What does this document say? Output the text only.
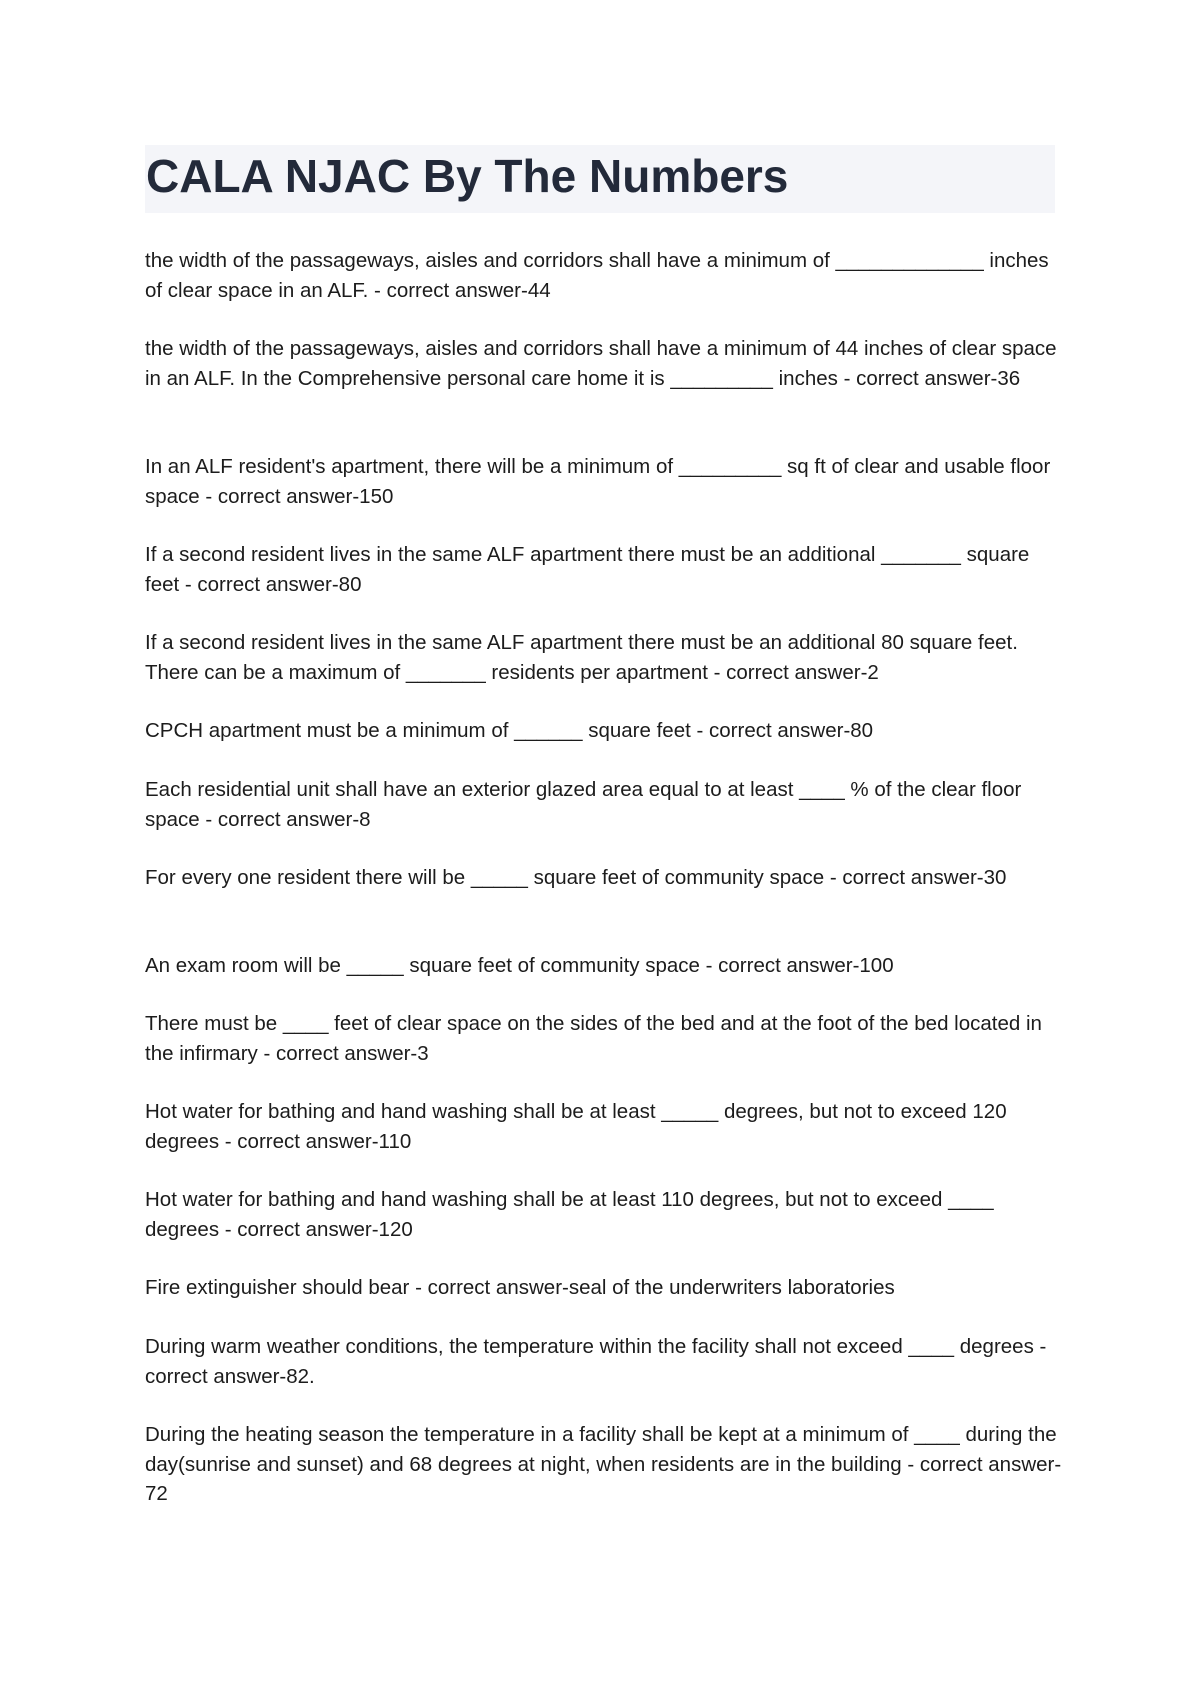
CALA NJAC By The Numbers

the width of the passageways, aisles and corridors shall have a minimum of _____________ inches of clear space in an ALF. - correct answer-44

the width of the passageways, aisles and corridors shall have a minimum of 44 inches of clear space in an ALF. In the Comprehensive personal care home it is _________ inches - correct answer-36

In an ALF resident's apartment, there will be a minimum of _________ sq ft of clear and usable floor space - correct answer-150

If a second resident lives in the same ALF apartment there must be an additional _______ square feet - correct answer-80

If a second resident lives in the same ALF apartment there must be an additional 80 square feet. There can be a maximum of _______ residents per apartment - correct answer-2

CPCH apartment must be a minimum of ______ square feet - correct answer-80

Each residential unit shall have an exterior glazed area equal to at least ____ % of the clear floor space - correct answer-8

For every one resident there will be _____ square feet of community space - correct answer-30

An exam room will be _____ square feet of community space - correct answer-100

There must be ____ feet of clear space on the sides of the bed and at the foot of the bed located in the infirmary - correct answer-3

Hot water for bathing and hand washing shall be at least _____ degrees, but not to exceed 120 degrees - correct answer-110

Hot water for bathing and hand washing shall be at least 110 degrees, but not to exceed ____ degrees - correct answer-120

Fire extinguisher should bear - correct answer-seal of the underwriters laboratories

During warm weather conditions, the temperature within the facility shall not exceed ____ degrees - correct answer-82.

During the heating season the temperature in a facility shall be kept at a minimum of ____ during the day(sunrise and sunset) and 68 degrees at night, when residents are in the building - correct answer-72
